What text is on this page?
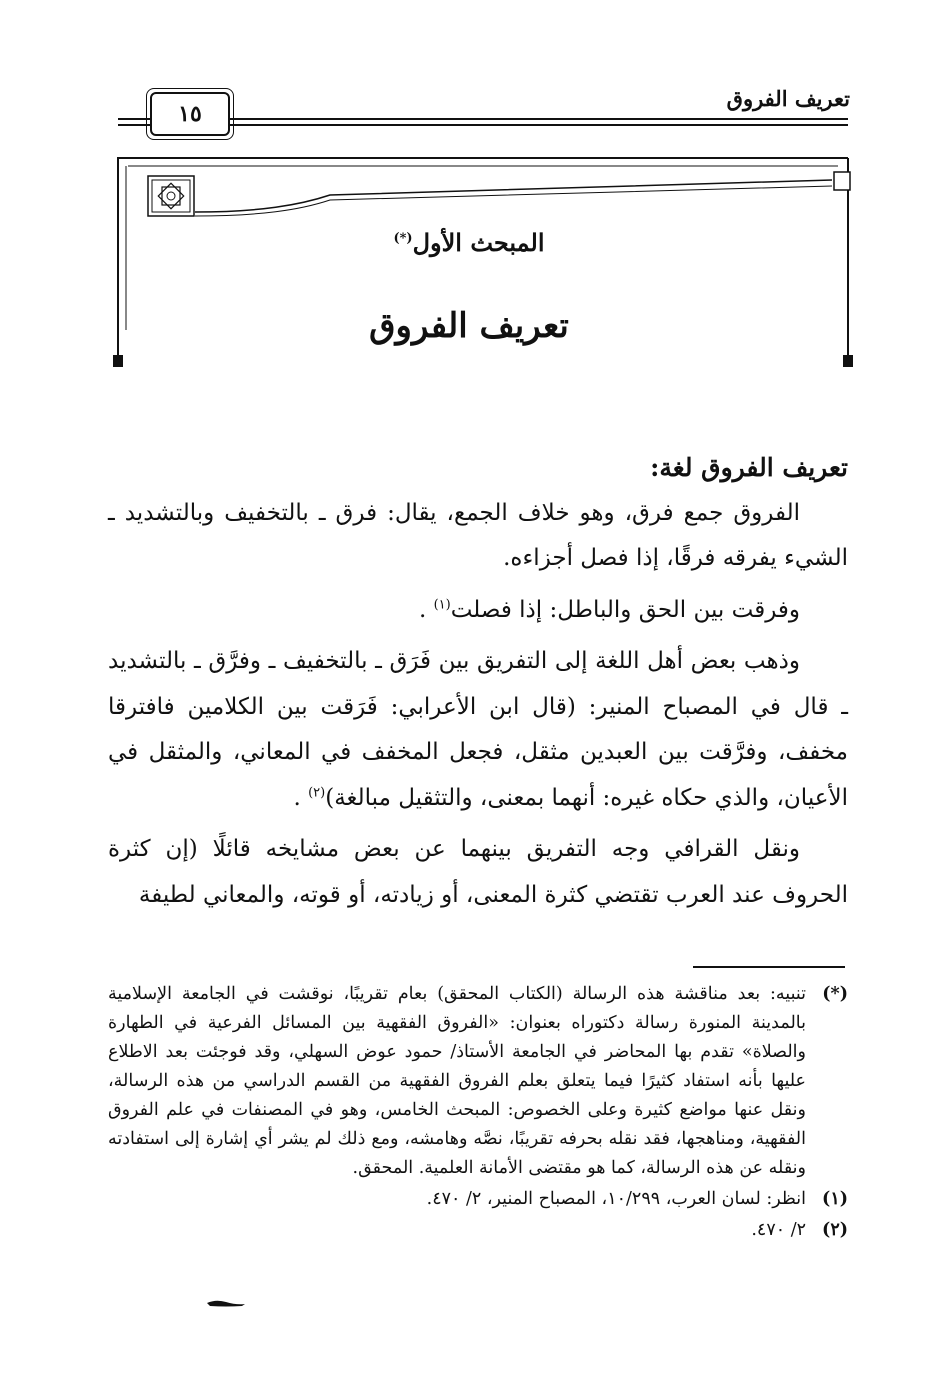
تعريف الفروق
١٥
المبحث الأول(*)
تعريف الفروق
تعريف الفروق لغة:

الفروق جمع فرق، وهو خلاف الجمع، يقال: فرق ـ بالتخفيف وبالتشديد ـ الشيء يفرقه فرقًا، إذا فصل أجزاءه.

وفرقت بين الحق والباطل: إذا فصلت$^{(١)}$ .

وذهب بعض أهل اللغة إلى التفريق بين فَرَق ـ بالتخفيف ـ وفرَّق ـ بالتشديد ـ قال في المصباح المنير: (قال ابن الأعرابي: فَرَقت بين الكلامين فافترقا مخفف، وفرَّقت بين العبدين مثقل، فجعل المخفف في المعاني، والمثقل في الأعيان، والذي حكاه غيره: أنهما بمعنى، والتثقيل مبالغة)$^{(٢)}$ .

ونقل القرافي وجه التفريق بينهما عن بعض مشايخه قائلًا (إن كثرة الحروف عند العرب تقتضي كثرة المعنى، أو زيادته، أو قوته، والمعاني لطيفة

(*)
تنبيه: بعد مناقشة هذه الرسالة (الكتاب المحقق) بعام تقريبًا، نوقشت في الجامعة الإسلامية بالمدينة المنورة رسالة دكتوراه بعنوان: «الفروق الفقهية بين المسائل الفرعية في الطهارة والصلاة» تقدم بها المحاضر في الجامعة الأستاذ/ حمود عوض السهلي، وقد فوجئت بعد الاطلاع عليها بأنه استفاد كثيرًا فيما يتعلق بعلم الفروق الفقهية من القسم الدراسي من هذه الرسالة، ونقل عنها مواضع كثيرة وعلى الخصوص: المبحث الخامس، وهو في المصنفات في علم الفروق الفقهية، ومناهجها، فقد نقله بحرفه تقريبًا، نصَّه وهامشه، ومع ذلك لم يشر أي إشارة إلى استفادته ونقله عن هذه الرسالة، كما هو مقتضى الأمانة العلمية. المحقق.
(١)
انظر: لسان العرب، ١٠/٢٩٩، المصباح المنير، ٢/ ٤٧٠.
(٢)
٢/ ٤٧٠.
